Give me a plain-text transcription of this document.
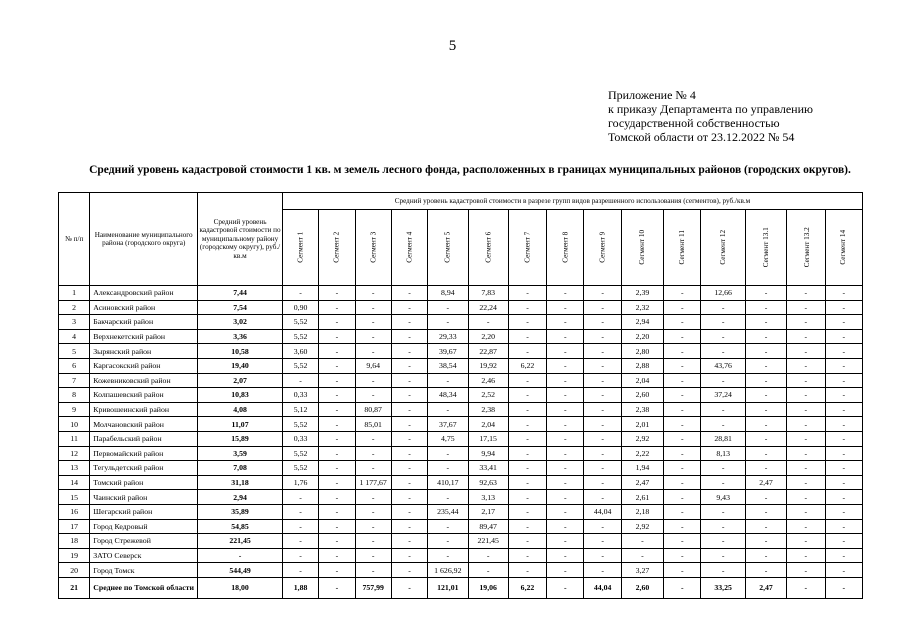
5
Приложение № 4
к приказу Департамента по управлению
государственной собственностью
Томской области от 23.12.2022 № 54
Средний уровень кадастровой стоимости 1 кв. м земель лесного фонда, расположенных в границах муниципальных районов (городских округов).
№ п/п	Наименование муниципального района (городского округа)	Средний уровень кадастровой стоимости по муниципальному району (городскому округу), руб./кв.м	Средний уровень кадастровой стоимости в разрезе групп видов разрешенного использования (сегментов), руб./кв.м														
			Сегмент 1	Сегмент 2	Сегмент 3	Сегмент 4	Сегмент 5	Сегмент 6	Сегмент 7	Сегмент 8	Сегмент 9	Сегмент 10	Сегмент 11	Сегмент 12	Сегмент 13.1	Сегмент 13.2	Сегмент 14
1	Александровский район	7,44	-	-	-	-	8,94	7,83	-	-	-	2,39	-	12,66	-	-	-
2	Асиновский район	7,54	0,90	-	-	-	-	22,24	-	-	-	2,32	-	-	-	-	-
3	Бакчарский район	3,02	5,52	-	-	-	-	-	-	-	-	2,94	-	-	-	-	-
4	Верхнекетский район	3,36	5,52	-	-	-	29,33	2,20	-	-	-	2,20	-	-	-	-	-
5	Зырянский район	10,58	3,60	-	-	-	39,67	22,87	-	-	-	2,80	-	-	-	-	-
6	Каргасокский район	19,40	5,52	-	9,64	-	38,54	19,92	6,22	-	-	2,88	-	43,76	-	-	-
7	Кожевниковский район	2,07	-	-	-	-	-	2,46	-	-	-	2,04	-	-	-	-	-
8	Колпашевский район	10,83	0,33	-	-	-	48,34	2,52	-	-	-	2,60	-	37,24	-	-	-
9	Кривошеинский район	4,08	5,12	-	80,87	-	-	2,38	-	-	-	2,38	-	-	-	-	-
10	Молчановский район	11,07	5,52	-	85,01	-	37,67	2,04	-	-	-	2,01	-	-	-	-	-
11	Парабельский район	15,89	0,33	-	-	-	4,75	17,15	-	-	-	2,92	-	28,81	-	-	-
12	Первомайский район	3,59	5,52	-	-	-	-	9,94	-	-	-	2,22	-	8,13	-	-	-
13	Тегульдетский район	7,08	5,52	-	-	-	-	33,41	-	-	-	1,94	-	-	-	-	-
14	Томский район	31,18	1,76	-	1 177,67	-	410,17	92,63	-	-	-	2,47	-	-	2,47	-	-
15	Чаинский район	2,94	-	-	-	-	-	3,13	-	-	-	2,61	-	9,43	-	-	-
16	Шегарский район	35,89	-	-	-	-	235,44	2,17	-	-	44,04	2,18	-	-	-	-	-
17	Город Кедровый	54,85	-	-	-	-	-	89,47	-	-	-	2,92	-	-	-	-	-
18	Город Стрежевой	221,45	-	-	-	-	-	221,45	-	-	-	-	-	-	-	-	-
19	ЗАТО Северск	-	-	-	-	-	-	-	-	-	-	-	-	-	-	-	-
20	Город Томск	544,49	-	-	-	-	1 626,92	-	-	-	-	3,27	-	-	-	-	-
21	Среднее по Томской области	18,00	1,88	-	757,99	-	121,01	19,06	6,22	-	44,04	2,60	-	33,25	2,47	-	-
